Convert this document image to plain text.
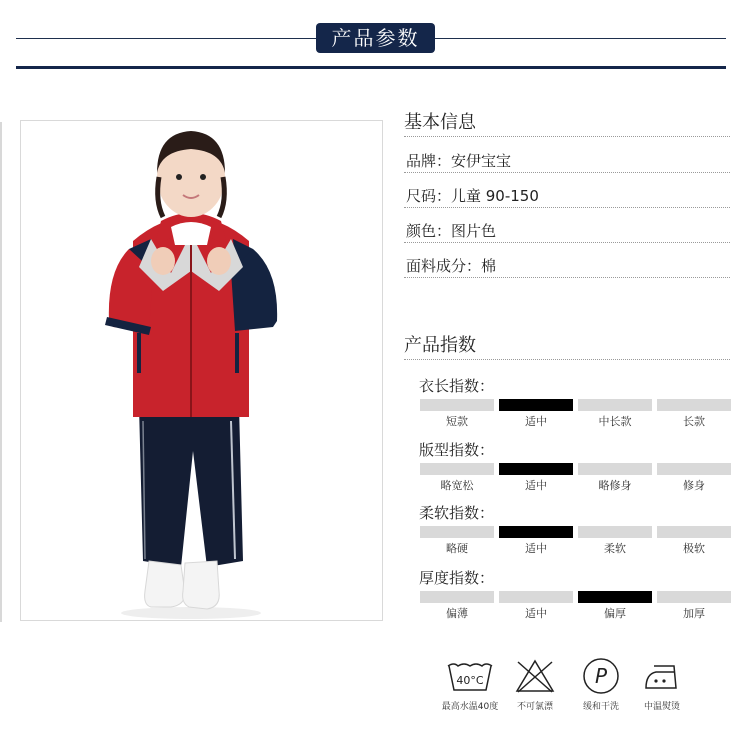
产品参数
基本信息
品牌：安伊宝宝
尺码：儿童 90-150
颜色：图片色
面料成分：棉
产品指数
衣长指数：
短款	适中	中长款	长款
版型指数：
略宽松	适中	略修身	修身
柔软指数：
略硬	适中	柔软	极软
厚度指数：
偏薄	适中	偏厚	加厚
40°C	P
最高水温40度	不可氯漂	缓和干洗	中温熨烫
